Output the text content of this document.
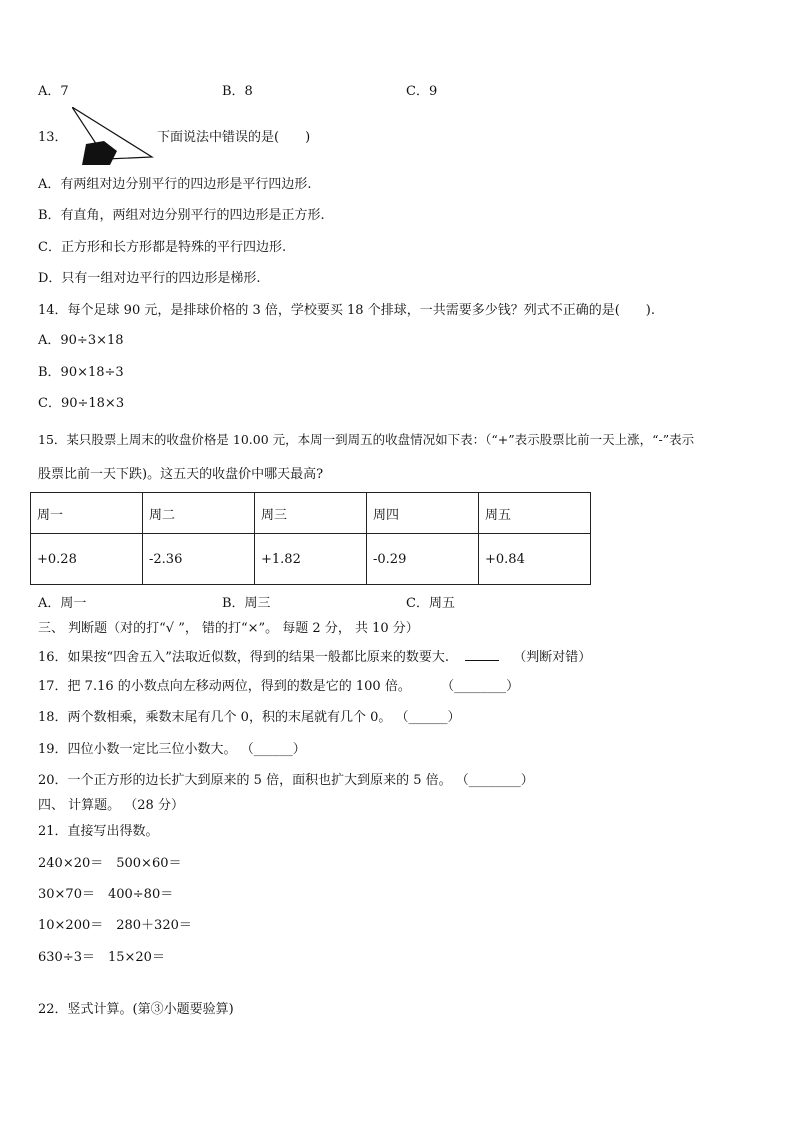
A．7	B．8	C．9
13．	下面说法中错误的是(　　)
A．有两组对边分别平行的四边形是平行四边形.
B．有直角，两组对边分别平行的四边形是正方形.
C．正方形和长方形都是特殊的平行四边形.
D．只有一组对边平行的四边形是梯形.
14．每个足球 90 元，是排球价格的 3 倍，学校要买 18 个排球，一共需要多少钱？列式不正确的是(　　).
A．90÷3×18
B．90×18÷3
C．90÷18×3
15．某只股票上周末的收盘价格是 10.00 元，本周一到周五的收盘情况如下表：（“+”表示股票比前一天上涨，“-”表示
股票比前一天下跌)。这五天的收盘价中哪天最高?
周一	周二	周三	周四	周五
+0.28	-2.36	+1.82	-0.29	+0.84
A．周一	B．周三	C．周五
三、 判断题（对的打“√ ”， 错的打“×”。 每题 2 分， 共 10 分）
16．如果按“四舍五入”法取近似数，得到的结果一般都比原来的数要大.	（判断对错）
17．把 7.16 的小数点向左移动两位，得到的数是它的 100 倍。 （________）
18．两个数相乘，乘数末尾有几个 0，积的末尾就有几个 0。 （______）
19．四位小数一定比三位小数大。 （______）
20．一个正方形的边长扩大到原来的 5 倍，面积也扩大到原来的 5 倍。 （________）
四、 计算题。 （28 分）
21．直接写出得数。
240×20＝　500×60＝
30×70＝　400÷80＝
10×200＝　280＋320＝
630÷3＝　15×20＝
22．竖式计算。(第③小题要验算)
